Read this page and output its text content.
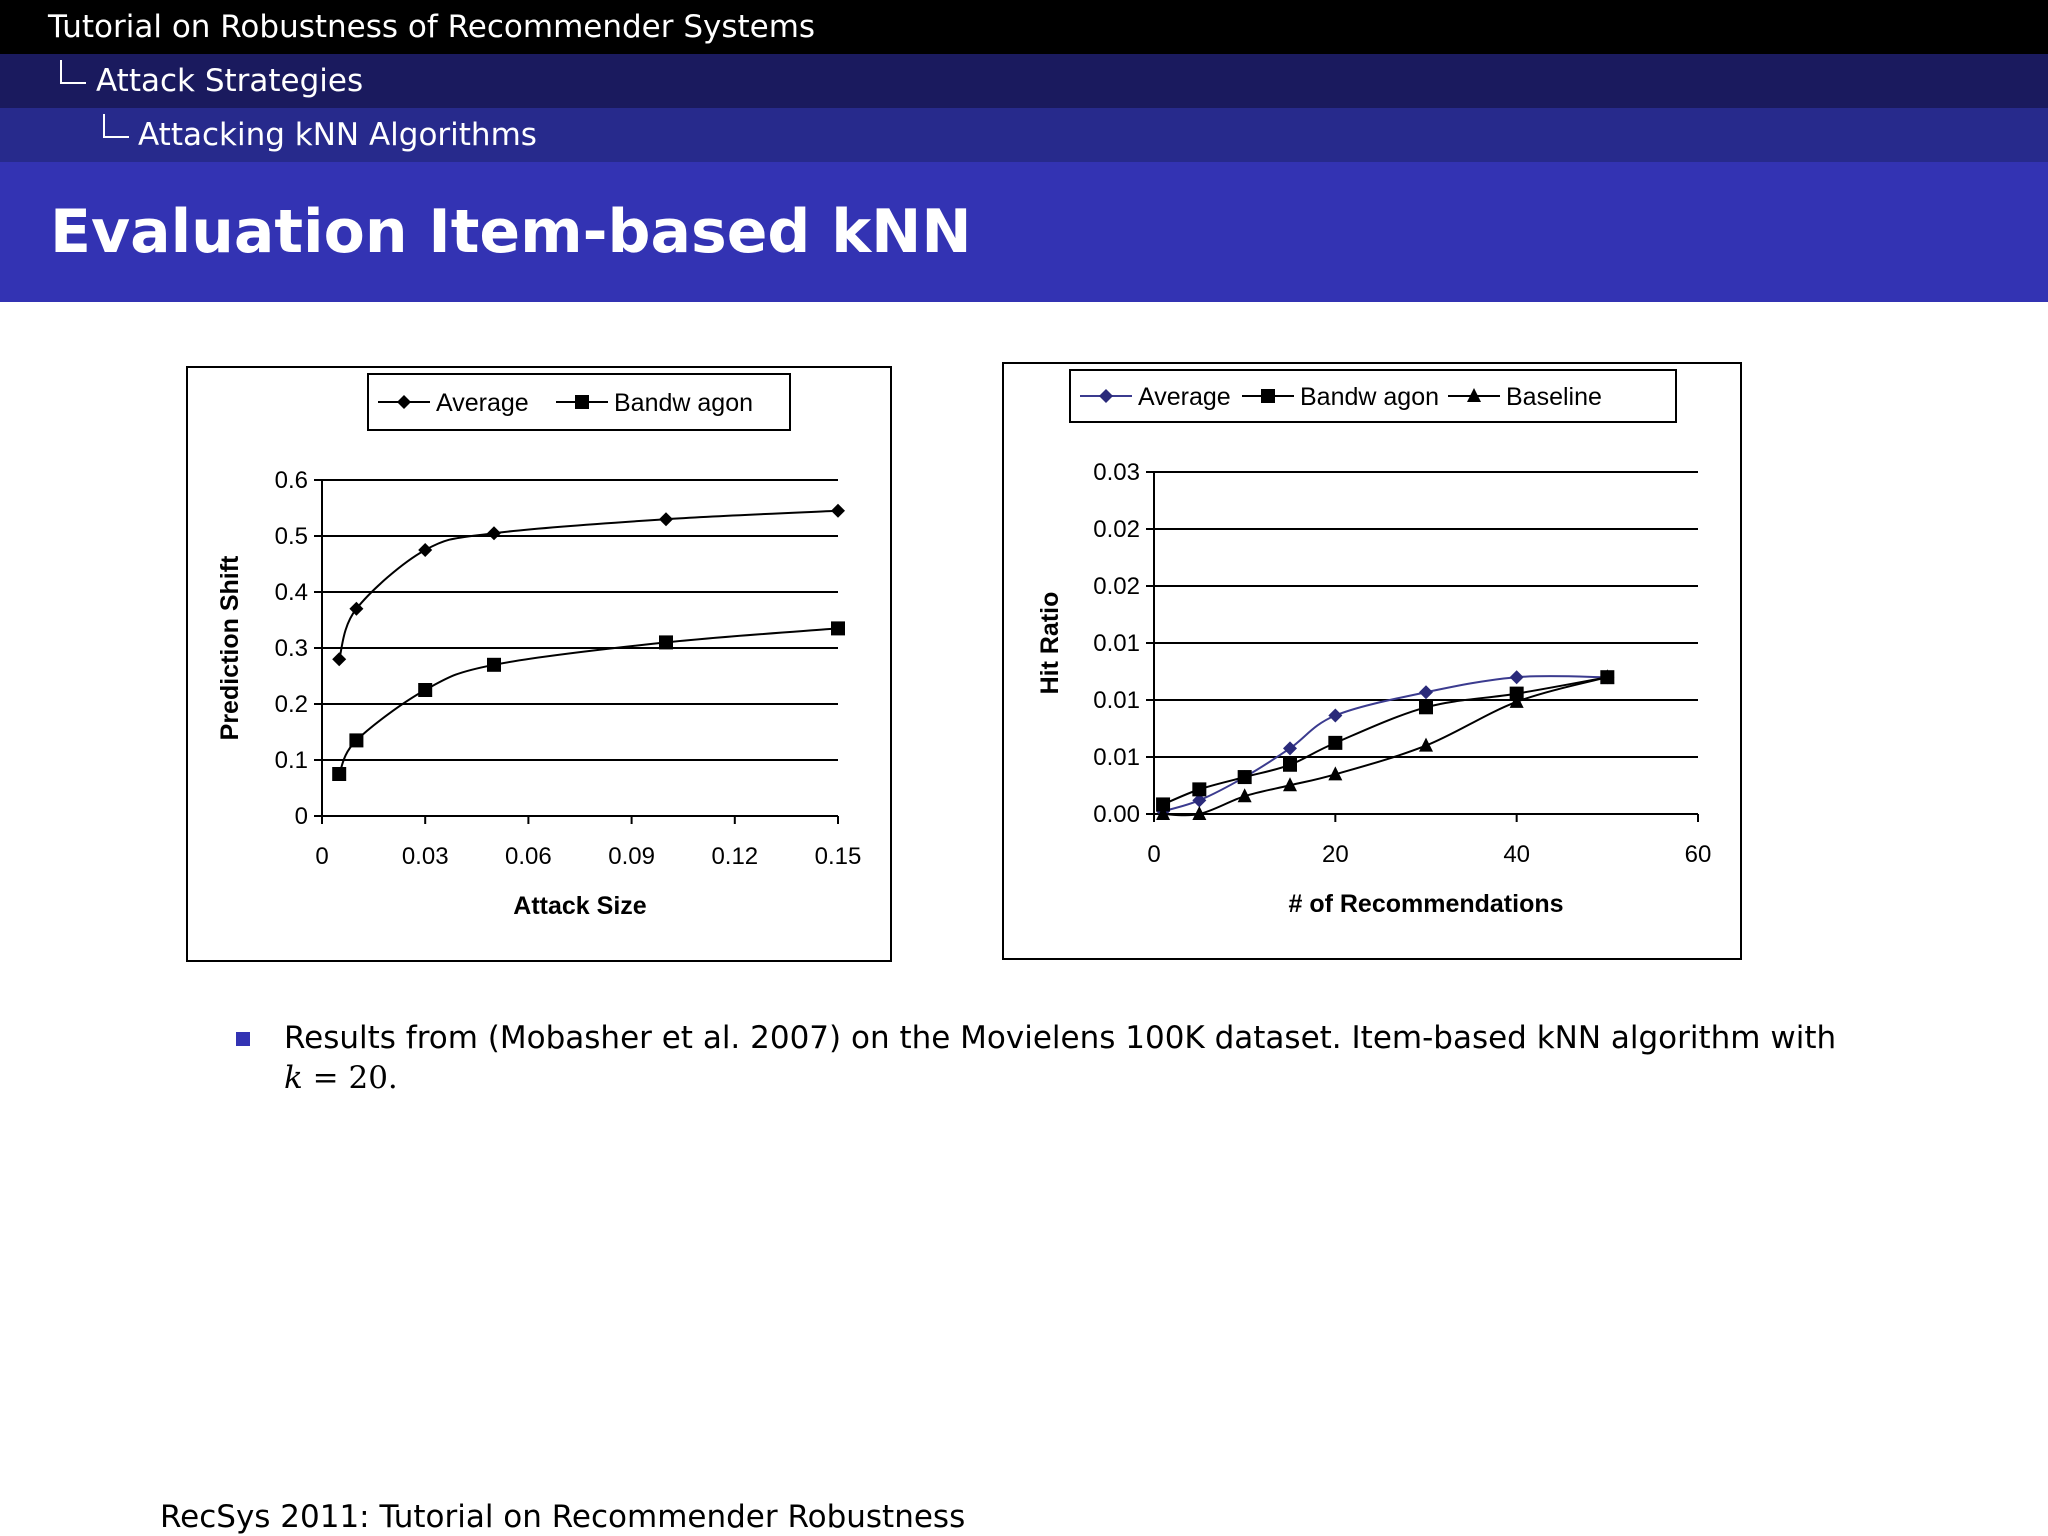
Tutorial on Robustness of Recommender Systems
Attack Strategies
Attacking kNN Algorithms
Evaluation Item-based kNN
0
0.1
0.2
0.3
0.4
0.5
0.6
0	0.03 0.06 0.09 0.12 0.15
Attack Size
Prediction Shift
Average	Bandw agon
0.00
0.01
0.01
0.01
0.02
0.02
0.03
0	20	40	60
# of Recommendations
Hit Ratio
Average	Bandw agon	Baseline
Results from (Mobasher et al. 2007) on the Movielens 100K dataset. Item-based kNN algorithm with
k = 20.
RecSys 2011: Tutorial on Recommender Robustness
